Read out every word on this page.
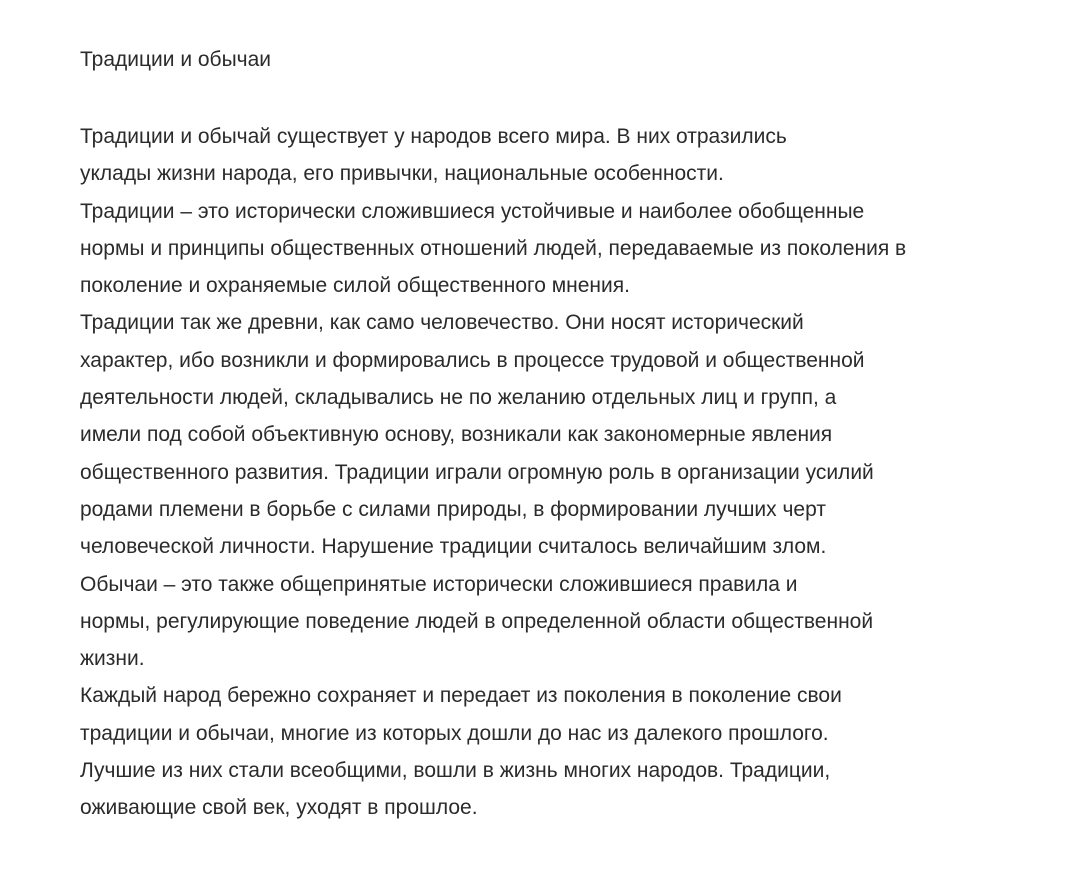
Традиции и обычаи
Традиции и обычай существует у народов всего мира. В них отразились
уклады жизни народа, его привычки, национальные особенности.
Традиции – это исторически сложившиеся устойчивые и наиболее обобщенные
нормы и принципы общественных отношений людей, передаваемые из поколения в
поколение и охраняемые силой общественного мнения.
Традиции так же древни, как само человечество. Они носят исторический
характер, ибо возникли и формировались в процессе трудовой и общественной
деятельности людей, складывались не по желанию отдельных лиц и групп, а
имели под собой объективную основу, возникали как закономерные явления
общественного развития. Традиции играли огромную роль в организации усилий
родами племени в борьбе с силами природы, в формировании лучших черт
человеческой личности. Нарушение традиции считалось величайшим злом.
Обычаи – это также общепринятые исторически сложившиеся правила и
нормы, регулирующие поведение людей в определенной области общественной
жизни.
Каждый народ бережно сохраняет и передает из поколения в поколение свои
традиции и обычаи, многие из которых дошли до нас из далекого прошлого.
Лучшие из них стали всеобщими, вошли в жизнь многих народов. Традиции,
оживающие свой век, уходят в прошлое.
